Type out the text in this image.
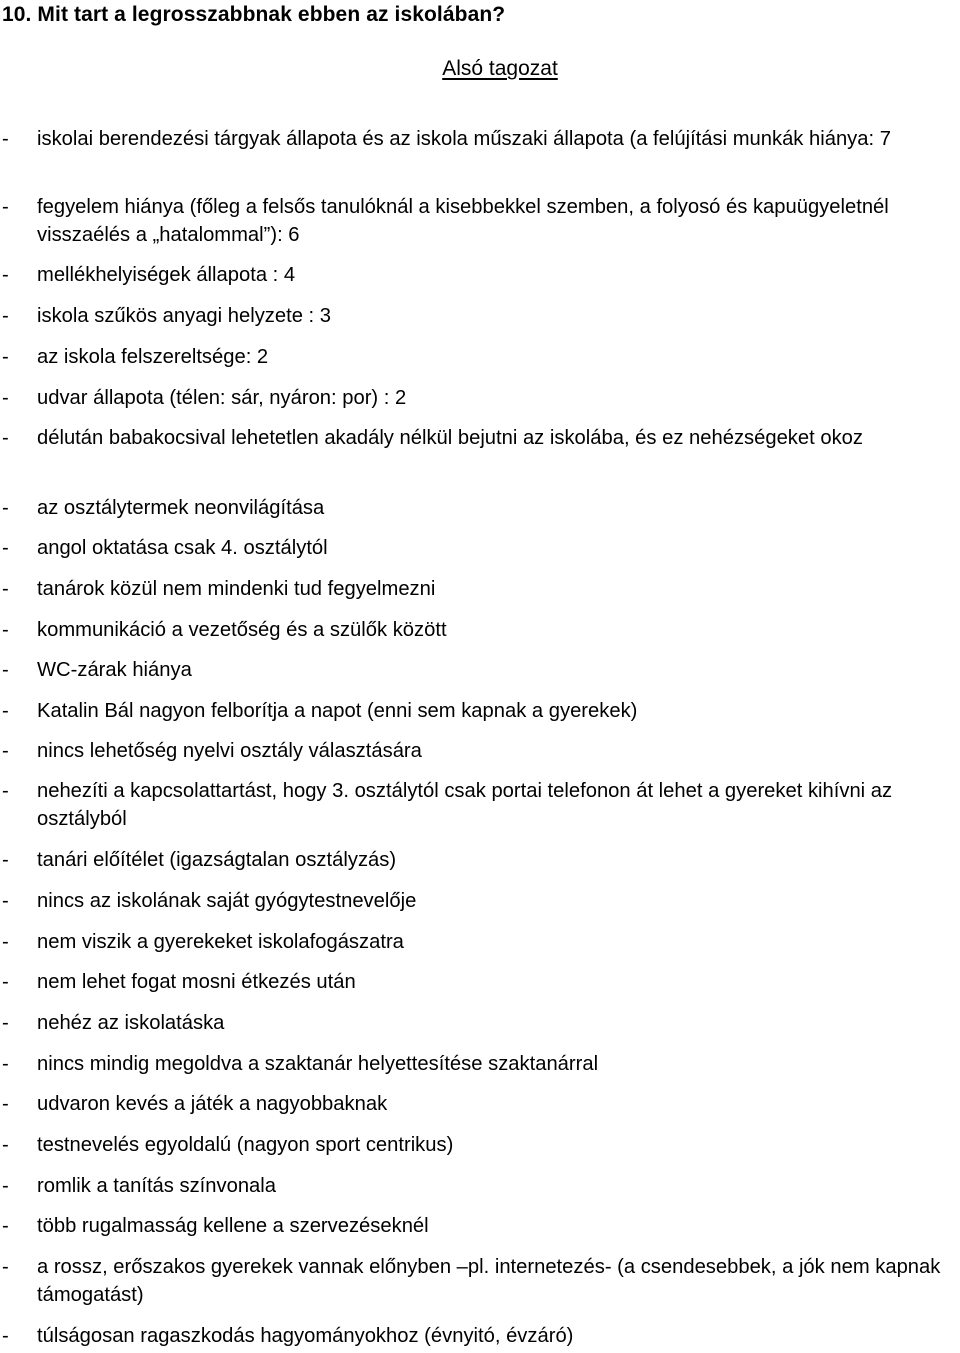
10. Mit tart a legrosszabbnak ebben az iskolában?

Alsó tagozat

- iskolai berendezési tárgyak állapota és az iskola műszaki állapota (a felújítási munkák hiánya: 7
- fegyelem hiánya (főleg a felsős tanulóknál a kisebbekkel szemben, a folyosó és kapuügyeletnél visszaélés a „hatalommal”): 6
- mellékhelyiségek állapota : 4
- iskola szűkös anyagi helyzete : 3
- az iskola felszereltsége: 2
- udvar állapota (télen: sár, nyáron: por) : 2
- délután babakocsival lehetetlen akadály nélkül bejutni az iskolába, és ez nehézségeket okoz
- az osztálytermek neonvilágítása
- angol oktatása csak 4. osztálytól
- tanárok közül nem mindenki tud fegyelmezni
- kommunikáció a vezetőség és a szülők között
- WC-zárak hiánya
- Katalin Bál nagyon felborítja a napot (enni sem kapnak a gyerekek)
- nincs lehetőség nyelvi osztály választására
- nehezíti a kapcsolattartást, hogy 3. osztálytól csak portai telefonon át lehet a gyereket kihívni az osztályból
- tanári előítélet (igazságtalan osztályzás)
- nincs az iskolának saját gyógytestnevelője
- nem viszik a gyerekeket iskolafogászatra
- nem lehet fogat mosni étkezés után
- nehéz az iskolatáska
- nincs mindig megoldva a szaktanár helyettesítése szaktanárral
- udvaron kevés a játék a nagyobbaknak
- testnevelés egyoldalú (nagyon sport centrikus)
- romlik a tanítás színvonala
- több rugalmasság kellene a szervezéseknél
- a rossz, erőszakos gyerekek vannak előnyben –pl. internetezés- (a csendesebbek, a jók nem kapnak támogatást)
- túlságosan ragaszkodás hagyományokhoz (évnyitó, évzáró)
